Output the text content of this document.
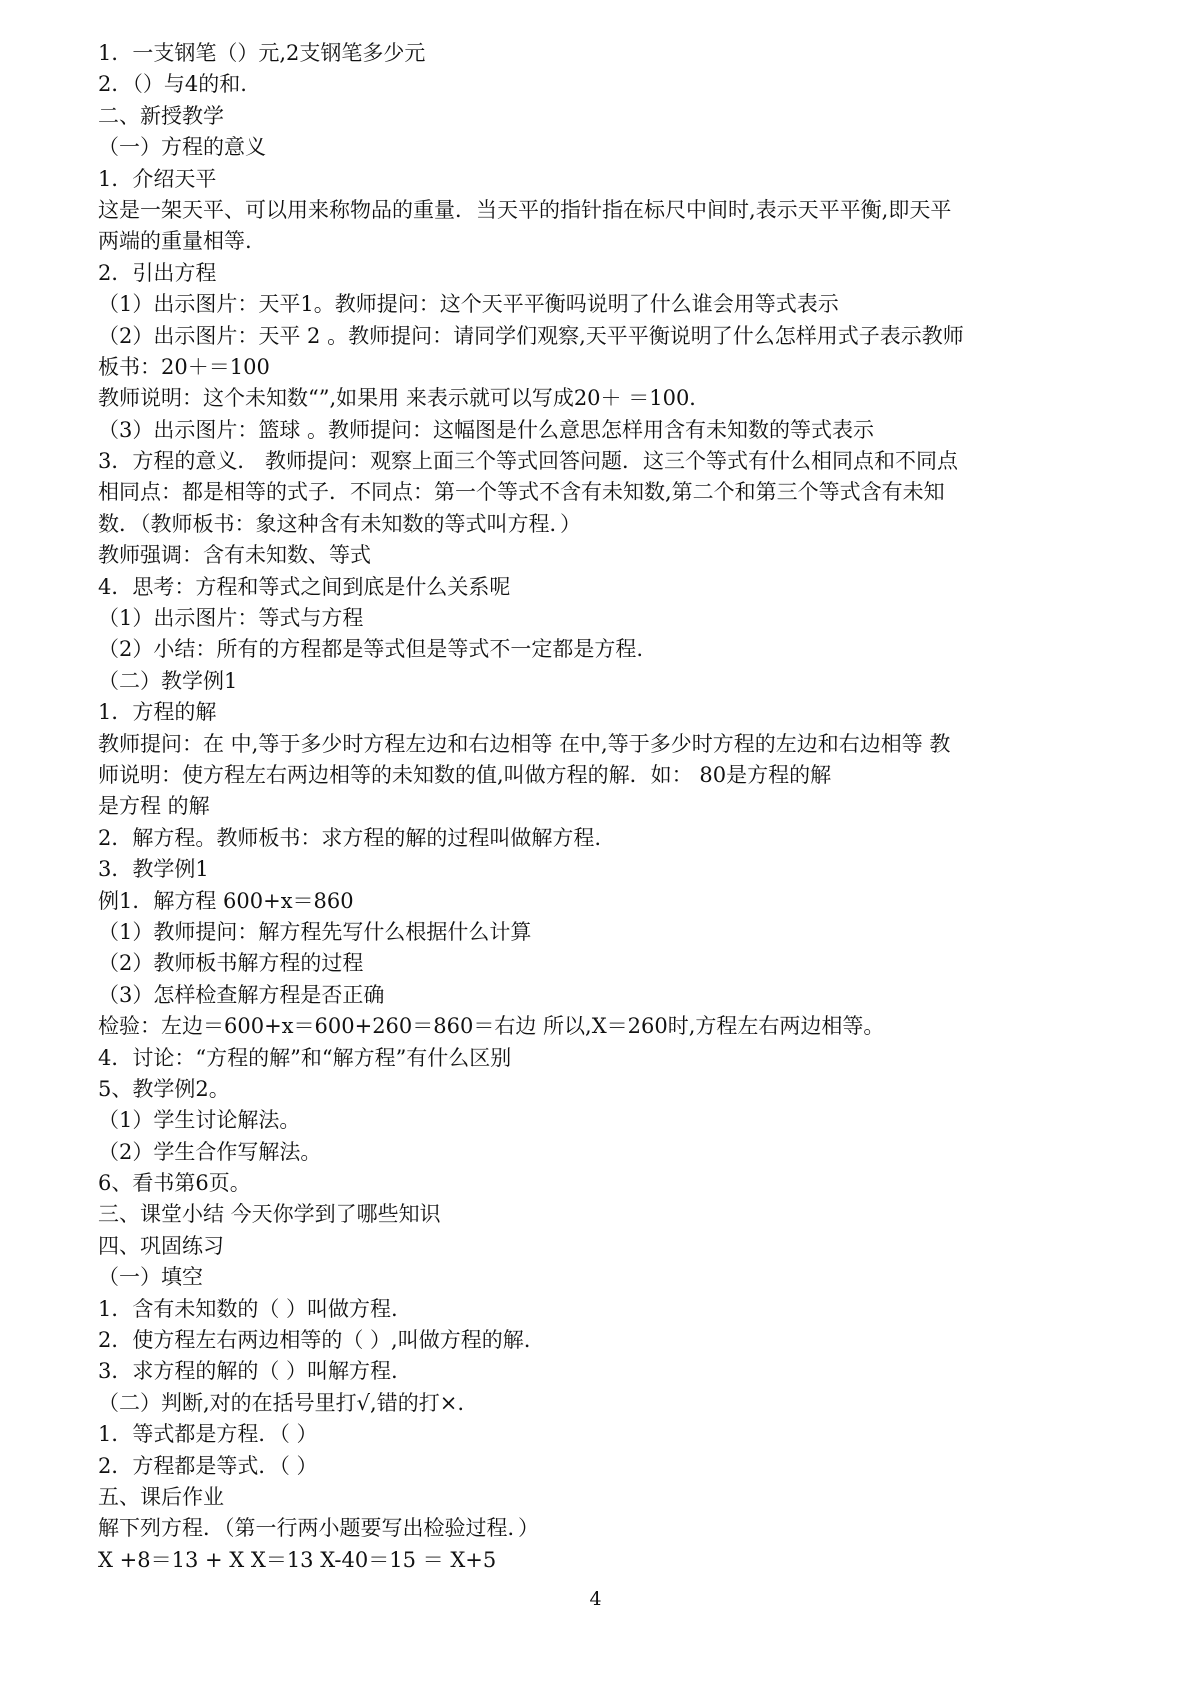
1．一支钢笔（）元,2支钢笔多少元
2．（）与4的和.
二、新授教学
（一）方程的意义
1．介绍天平
这是一架天平、可以用来称物品的重量．当天平的指针指在标尺中间时,表示天平平衡,即天平
两端的重量相等.
2．引出方程
（1）出示图片：天平1。教师提问：这个天平平衡吗说明了什么谁会用等式表示
（2）出示图片：天平 2 。教师提问：请同学们观察,天平平衡说明了什么怎样用式子表示教师
板书：20＋＝100
教师说明：这个未知数“”,如果用 来表示就可以写成20＋ ＝100．
（3）出示图片：篮球 。教师提问：这幅图是什么意思怎样用含有未知数的等式表示
3．方程的意义． 教师提问：观察上面三个等式回答问题．这三个等式有什么相同点和不同点
相同点：都是相等的式子．不同点：第一个等式不含有未知数,第二个和第三个等式含有未知
数．（教师板书：象这种含有未知数的等式叫方程．）
教师强调：含有未知数、等式
4．思考：方程和等式之间到底是什么关系呢
（1）出示图片：等式与方程
（2）小结：所有的方程都是等式但是等式不一定都是方程.
（二）教学例1
1．方程的解
教师提问：在 中,等于多少时方程左边和右边相等 在中,等于多少时方程的左边和右边相等 教
师说明：使方程左右两边相等的未知数的值,叫做方程的解．如： 80是方程的解
是方程 的解
2．解方程。教师板书：求方程的解的过程叫做解方程.
3．教学例1
例1．解方程 600+x＝860
（1）教师提问：解方程先写什么根据什么计算
（2）教师板书解方程的过程
（3）怎样检查解方程是否正确
检验：左边＝600+x＝600+260＝860＝右边 所以,X＝260时,方程左右两边相等。
4．讨论：“方程的解”和“解方程”有什么区别
5、教学例2。
（1）学生讨论解法。
（2）学生合作写解法。
6、看书第6页。
三、课堂小结 今天你学到了哪些知识
四、巩固练习
（一）填空
1．含有未知数的（ ）叫做方程.
2．使方程左右两边相等的（ ）,叫做方程的解.
3．求方程的解的（ ）叫解方程.
（二）判断,对的在括号里打√,错的打×.
1．等式都是方程．（ ）
2．方程都是等式．（ ）
五、课后作业
解下列方程．（第一行两小题要写出检验过程．）
X +8＝13 + X X＝13 X-40＝15 ＝ X+5
4
